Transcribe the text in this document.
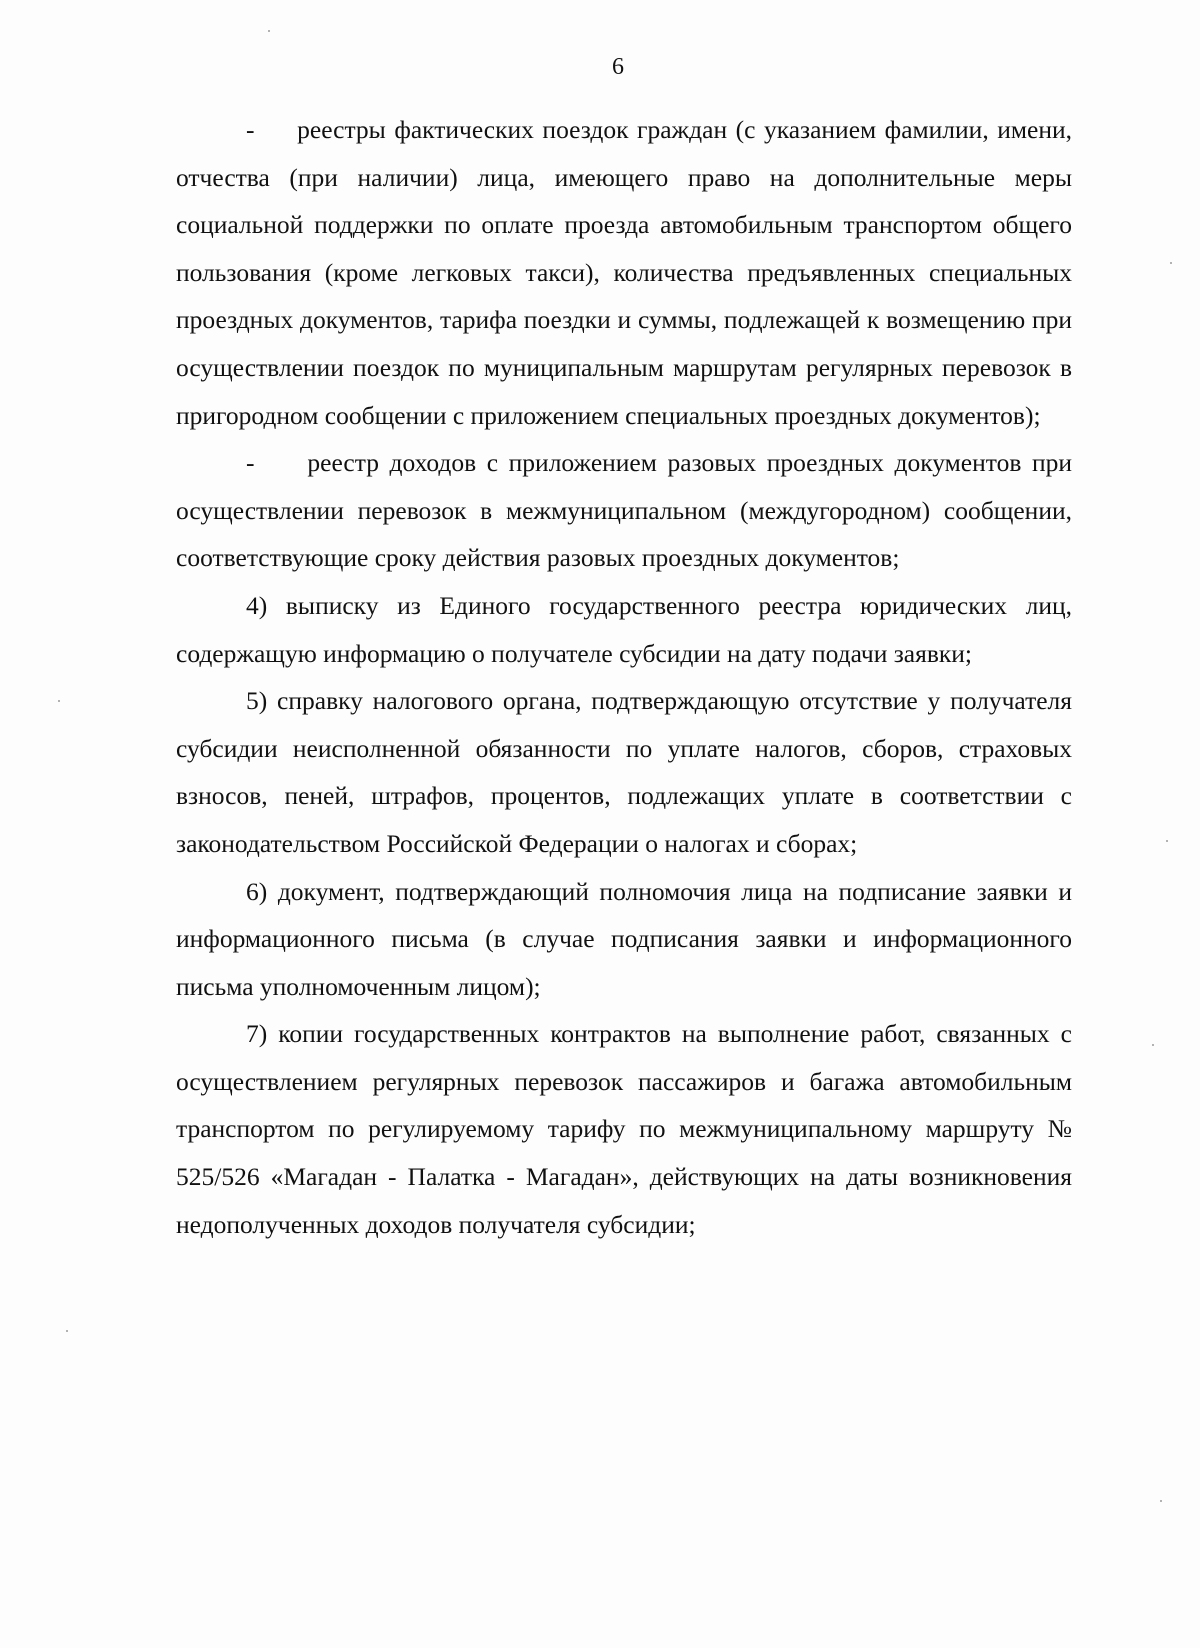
6

- реестры фактических поездок граждан (с указанием фамилии, имени, отчества (при наличии) лица, имеющего право на дополнительные меры социальной поддержки по оплате проезда автомобильным транспортом общего пользования (кроме легковых такси), количества предъявленных специальных проездных документов, тарифа поездки и суммы, подлежащей к возмещению при осуществлении поездок по муниципальным маршрутам регулярных перевозок в пригородном сообщении с приложением специальных проездных документов);

- реестр доходов с приложением разовых проездных документов при осуществлении перевозок в межмуниципальном (междугородном) сообщении, соответствующие сроку действия разовых проездных документов;

4) выписку из Единого государственного реестра юридических лиц, содержащую информацию о получателе субсидии на дату подачи заявки;

5) справку налогового органа, подтверждающую отсутствие у получателя субсидии неисполненной обязанности по уплате налогов, сборов, страховых взносов, пеней, штрафов, процентов, подлежащих уплате в соответствии с законодательством Российской Федерации о налогах и сборах;

6) документ, подтверждающий полномочия лица на подписание заявки и информационного письма (в случае подписания заявки и информационного письма уполномоченным лицом);

7) копии государственных контрактов на выполнение работ, связанных с осуществлением регулярных перевозок пассажиров и багажа автомобильным транспортом по регулируемому тарифу по межмуниципальному маршруту № 525/526 «Магадан - Палатка - Магадан», действующих на даты возникновения недополученных доходов получателя субсидии;
